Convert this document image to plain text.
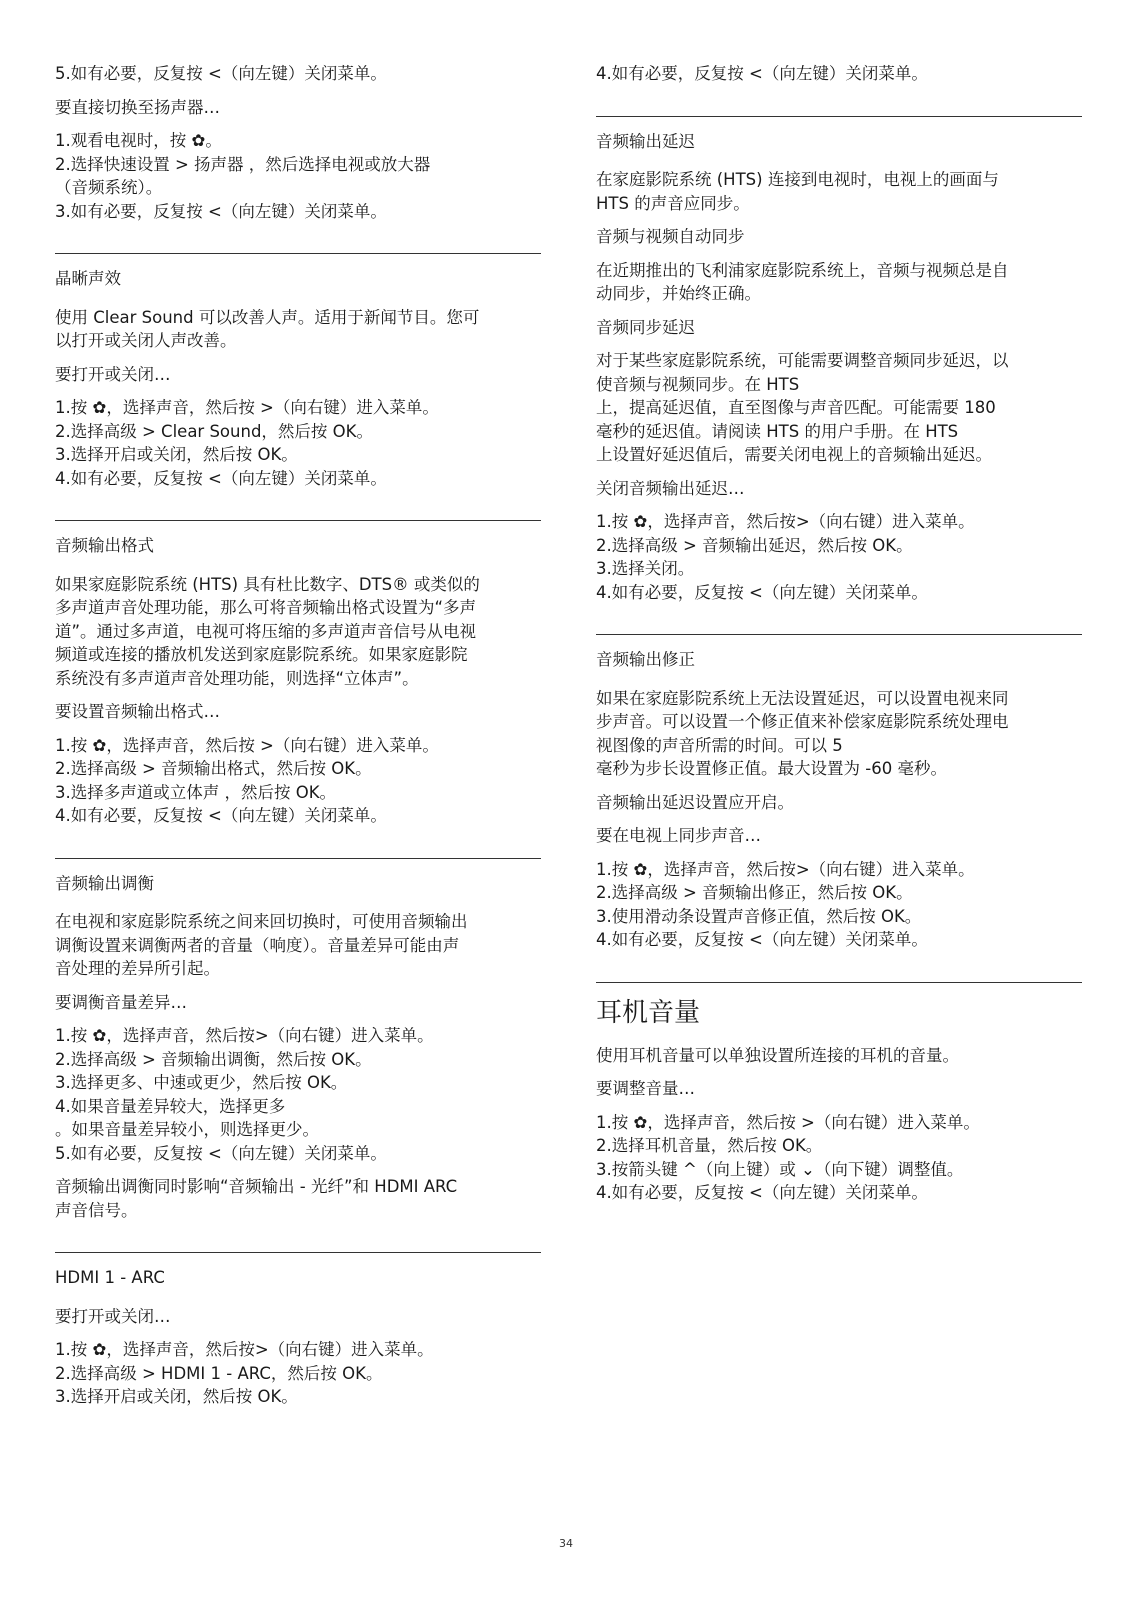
5.如有必要，反复按 <（向左键）关闭菜单。
要直接切换至扬声器…
1.观看电视时，按 ✿。
2.选择快速设置 > 扬声器 ，然后选择电视或放大器
（音频系统）。
3.如有必要，反复按 <（向左键）关闭菜单。
晶晰声效
使用 Clear Sound 可以改善人声。适用于新闻节目。您可
以打开或关闭人声改善。
要打开或关闭…
1.按 ✿，选择声音，然后按 >（向右键）进入菜单。
2.选择高级 > Clear Sound，然后按 OK。
3.选择开启或关闭，然后按 OK。
4.如有必要，反复按 <（向左键）关闭菜单。
音频输出格式
如果家庭影院系统 (HTS) 具有杜比数字、DTS® 或类似的
多声道声音处理功能，那么可将音频输出格式设置为“多声
道”。通过多声道，电视可将压缩的多声道声音信号从电视
频道或连接的播放机发送到家庭影院系统。如果家庭影院
系统没有多声道声音处理功能，则选择“立体声”。
要设置音频输出格式…
1.按 ✿，选择声音，然后按 >（向右键）进入菜单。
2.选择高级 > 音频输出格式，然后按 OK。
3.选择多声道或立体声 ，然后按 OK。
4.如有必要，反复按 <（向左键）关闭菜单。
音频输出调衡
在电视和家庭影院系统之间来回切换时，可使用音频输出
调衡设置来调衡两者的音量（响度）。音量差异可能由声
音处理的差异所引起。
要调衡音量差异…
1.按 ✿，选择声音，然后按>（向右键）进入菜单。
2.选择高级 > 音频输出调衡，然后按 OK。
3.选择更多、中速或更少，然后按 OK。
4.如果音量差异较大，选择更多
。如果音量差异较小，则选择更少。
5.如有必要，反复按 <（向左键）关闭菜单。
音频输出调衡同时影响“音频输出 - 光纤”和 HDMI ARC
声音信号。
HDMI 1 - ARC
要打开或关闭…
1.按 ✿，选择声音，然后按>（向右键）进入菜单。
2.选择高级 > HDMI 1 - ARC，然后按 OK。
3.选择开启或关闭，然后按 OK。
4.如有必要，反复按 <（向左键）关闭菜单。
音频输出延迟
在家庭影院系统 (HTS) 连接到电视时，电视上的画面与
HTS 的声音应同步。
音频与视频自动同步
在近期推出的飞利浦家庭影院系统上，音频与视频总是自
动同步，并始终正确。
音频同步延迟
对于某些家庭影院系统，可能需要调整音频同步延迟，以
使音频与视频同步。在 HTS
上，提高延迟值，直至图像与声音匹配。可能需要 180
毫秒的延迟值。请阅读 HTS 的用户手册。在 HTS
上设置好延迟值后，需要关闭电视上的音频输出延迟。
关闭音频输出延迟…
1.按 ✿，选择声音，然后按>（向右键）进入菜单。
2.选择高级 > 音频输出延迟，然后按 OK。
3.选择关闭。
4.如有必要，反复按 <（向左键）关闭菜单。
音频输出修正
如果在家庭影院系统上无法设置延迟，可以设置电视来同
步声音。可以设置一个修正值来补偿家庭影院系统处理电
视图像的声音所需的时间。可以 5
毫秒为步长设置修正值。最大设置为 -60 毫秒。
音频输出延迟设置应开启。
要在电视上同步声音…
1.按 ✿，选择声音，然后按>（向右键）进入菜单。
2.选择高级 > 音频输出修正，然后按 OK。
3.使用滑动条设置声音修正值，然后按 OK。
4.如有必要，反复按 <（向左键）关闭菜单。
耳机音量
使用耳机音量可以单独设置所连接的耳机的音量。
要调整音量…
1.按 ✿，选择声音，然后按 >（向右键）进入菜单。
2.选择耳机音量，然后按 OK。
3.按箭头键 ^（向上键）或 ⌄（向下键）调整值。
4.如有必要，反复按 <（向左键）关闭菜单。
34
